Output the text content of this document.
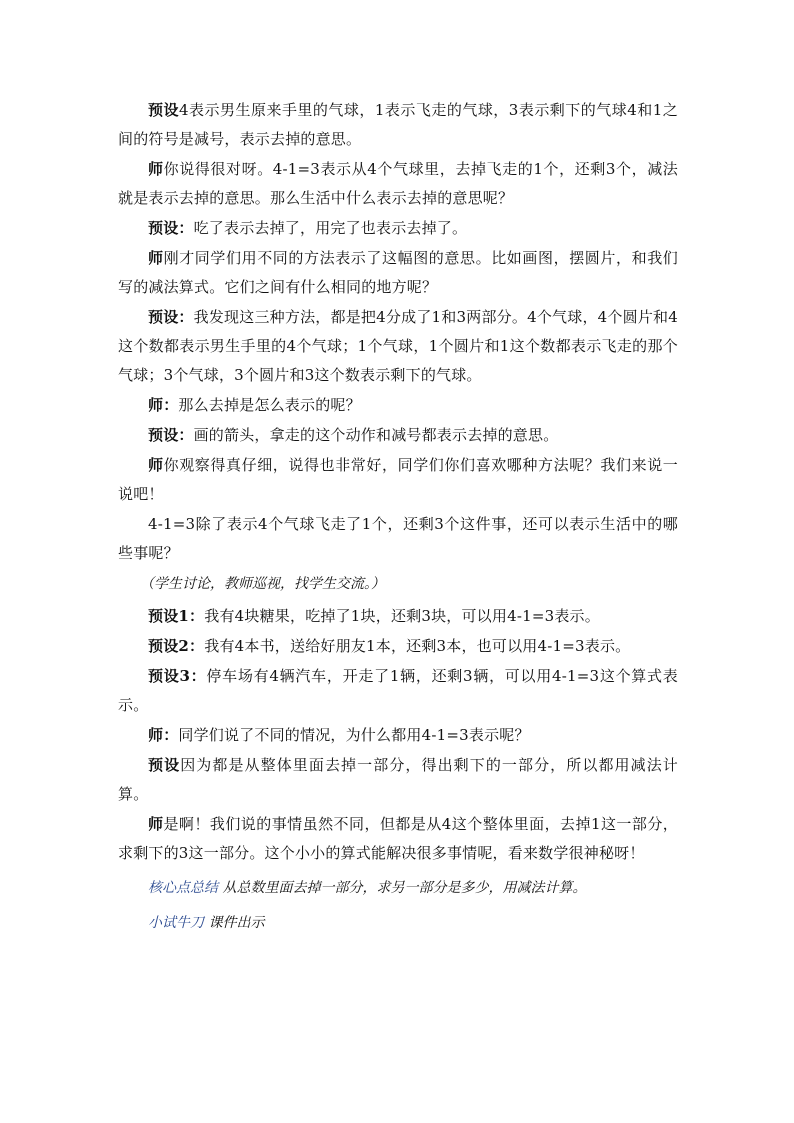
预设4表示男生原来手里的气球，1表示飞走的气球，3表示剩下的气球4和1之间的符号是减号，表示去掉的意思。

师你说得很对呀。4-1=3表示从4个气球里，去掉飞走的1个，还剩3个，减法就是表示去掉的意思。那么生活中什么表示去掉的意思呢？

预设：吃了表示去掉了，用完了也表示去掉了。

师刚才同学们用不同的方法表示了这幅图的意思。比如画图，摆圆片，和我们写的减法算式。它们之间有什么相同的地方呢？

预设：我发现这三种方法，都是把4分成了1和3两部分。4个气球，4个圆片和4这个数都表示男生手里的4个气球；1个气球，1个圆片和1这个数都表示飞走的那个气球；3个气球，3个圆片和3这个数表示剩下的气球。

师：那么去掉是怎么表示的呢？

预设：画的箭头，拿走的这个动作和减号都表示去掉的意思。

师你观察得真仔细，说得也非常好，同学们你们喜欢哪种方法呢？我们来说一说吧！

4-1=3除了表示4个气球飞走了1个，还剩3个这件事，还可以表示生活中的哪些事呢？

（学生讨论，教师巡视，找学生交流。）

预设1：我有4块糖果，吃掉了1块，还剩3块，可以用4-1=3表示。

预设2：我有4本书，送给好朋友1本，还剩3本，也可以用4-1=3表示。

预设3：停车场有4辆汽车，开走了1辆，还剩3辆，可以用4-1=3这个算式表示。

师：同学们说了不同的情况，为什么都用4-1=3表示呢？

预设因为都是从整体里面去掉一部分，得出剩下的一部分，所以都用减法计算。

师是啊！我们说的事情虽然不同，但都是从4这个整体里面，去掉1这一部分，求剩下的3这一部分。这个小小的算式能解决很多事情呢，看来数学很神秘呀！

核心点总结 从总数里面去掉一部分，求另一部分是多少，用减法计算。

小试牛刀 课件出示
